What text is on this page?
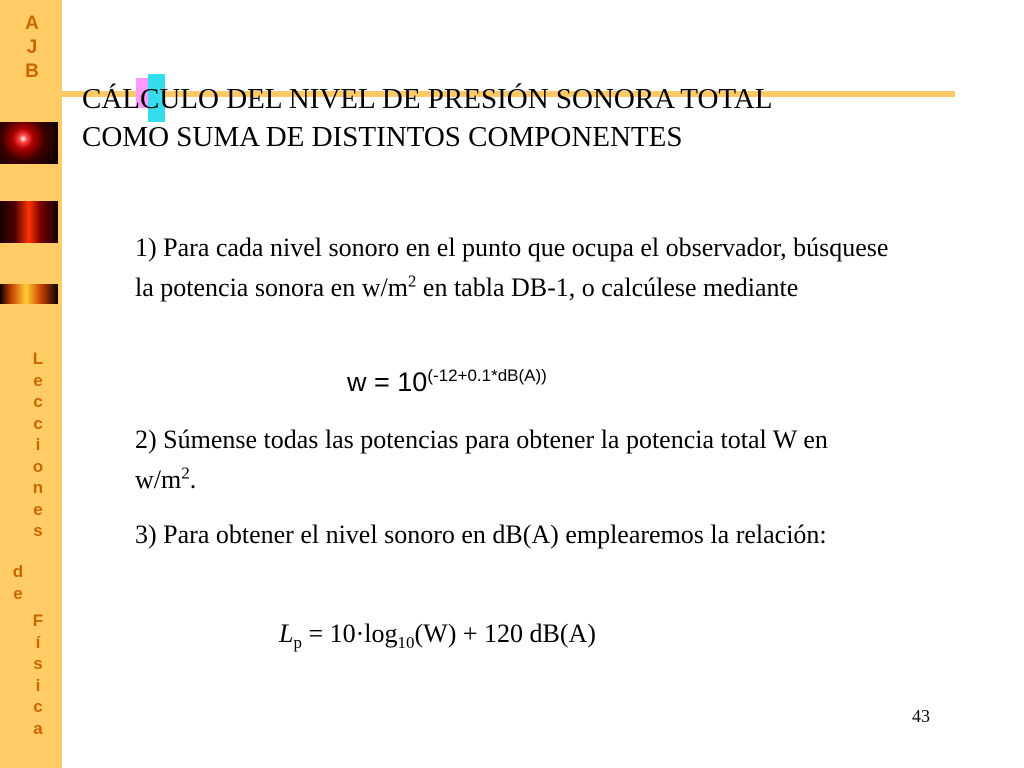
A
J
B
L
e
c
c
i
o
n
e
s
d
e
F
í
s
i
c
a
CÁLCULO DEL NIVEL DE PRESIÓN SONORA TOTAL
COMO SUMA DE DISTINTOS COMPONENTES
1) Para cada nivel sonoro en el punto que ocupa el observador, búsquese la potencia sonora en $w/m^2$ en tabla DB-1, o calcúlese mediante
$w = 10^{(-12+0.1*dB(A))}$
2) Súmense todas las potencias para obtener la potencia total W en $w/m^2$.
3) Para obtener el nivel sonoro en dB(A) emplearemos la relación:
$L_p = 10\cdot\log_{10}(W) + 120$ dB(A)
43
